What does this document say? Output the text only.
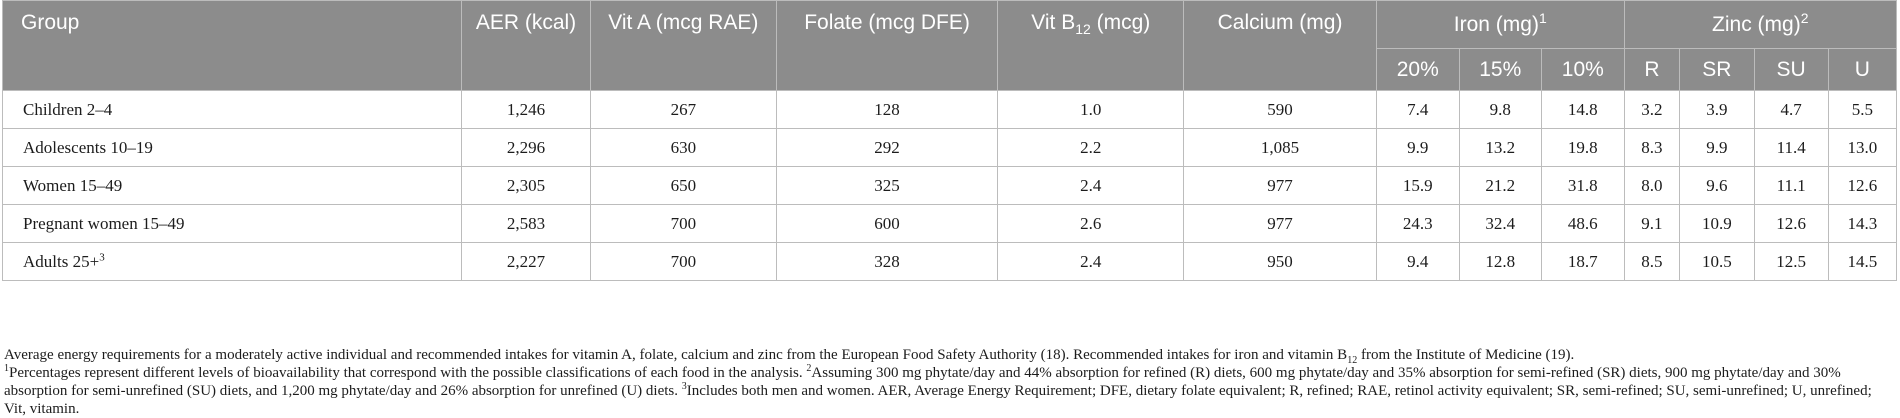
Group	AER (kcal)	Vit A (mcg RAE)	Folate (mcg DFE)	Vit $B_{12}$ (mcg)	Calcium (mg)	Iron (mg)$^1$			Zinc (mg)$^2$
						20%	15%	10%	R	SR	SU	U
Children 2–4	1,246	267	128	1.0	590	7.4	9.8	14.8	3.2	3.9	4.7	5.5
Adolescents 10–19	2,296	630	292	2.2	1,085	9.9	13.2	19.8	8.3	9.9	11.4	13.0
Women 15–49	2,305	650	325	2.4	977	15.9	21.2	31.8	8.0	9.6	11.1	12.6
Pregnant women 15–49	2,583	700	600	2.6	977	24.3	32.4	48.6	9.1	10.9	12.6	14.3
Adults 25+$^3$	2,227	700	328	2.4	950	9.4	12.8	18.7	8.5	10.5	12.5	14.5

Average energy requirements for a moderately active individual and recommended intakes for vitamin A, folate, calcium and zinc from the European Food Safety Authority (18). Recommended intakes for iron and vitamin $B_{12}$ from the Institute of Medicine (19).

$^1$Percentages represent different levels of bioavailability that correspond with the possible classifications of each food in the analysis. $^2$Assuming 300 mg phytate/day and 44% absorption for refined (R) diets, 600 mg phytate/day and 35% absorption for semi-refined (SR) diets, 900 mg phytate/day and 30% absorption for semi-unrefined (SU) diets, and 1,200 mg phytate/day and 26% absorption for unrefined (U) diets. $^3$Includes both men and women. AER, Average Energy Requirement; DFE, dietary folate equivalent; R, refined; RAE, retinol activity equivalent; SR, semi-refined; SU, semi-unrefined; U, unrefined; Vit, vitamin.
